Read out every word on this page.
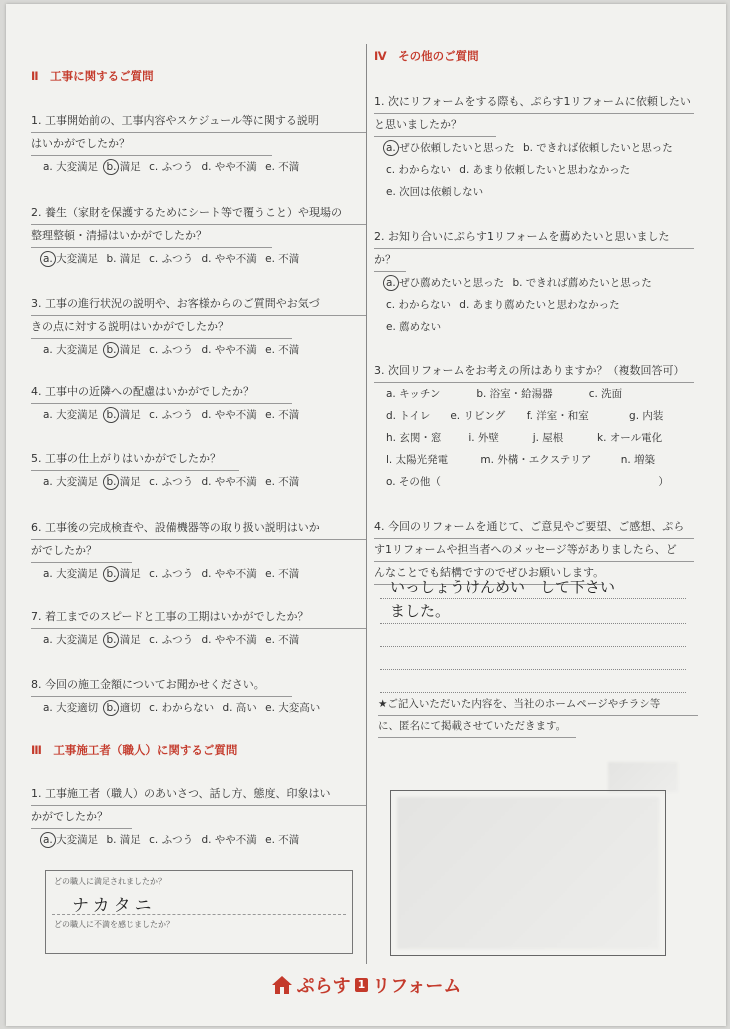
Ⅱ　工事に関するご質問
1. 工事開始前の、工事内容やスケジュール等に関する説明
はいかがでしたか？
a. 大変満足 b. 満足 c. ふつう d. やや不満 e. 不満
2. 養生（家財を保護するためにシート等で覆うこと）や現場の
整理整頓・清掃はいかがでしたか？
a. 大変満足 b. 満足 c. ふつう d. やや不満 e. 不満
3. 工事の進行状況の説明や、お客様からのご質問やお気づ
きの点に対する説明はいかがでしたか？
a. 大変満足 b. 満足 c. ふつう d. やや不満 e. 不満
4. 工事中の近隣への配慮はいかがでしたか？
a. 大変満足 b. 満足 c. ふつう d. やや不満 e. 不満
5. 工事の仕上がりはいかがでしたか？
a. 大変満足 b. 満足 c. ふつう d. やや不満 e. 不満
6. 工事後の完成検査や、設備機器等の取り扱い説明はいか
がでしたか？
a. 大変満足 b. 満足 c. ふつう d. やや不満 e. 不満
7. 着工までのスピードと工事の工期はいかがでしたか？
a. 大変満足 b. 満足 c. ふつう d. やや不満 e. 不満
8. 今回の施工金額についてお聞かせください。
a. 大変適切 b. 適切 c. わからない d. 高い e. 大変高い
Ⅲ　工事施工者（職人）に関するご質問
1. 工事施工者（職人）のあいさつ、話し方、態度、印象はい
かがでしたか？
a. 大変満足 b. 満足 c. ふつう d. やや不満 e. 不満
どの職人に満足されましたか？
ナカタニ
どの職人に不満を感じましたか？
Ⅳ　その他のご質問
1. 次にリフォームをする際も、ぷらす1リフォームに依頼したい
と思いましたか？
a. ぜひ依頼したいと思った b. できれば依頼したいと思った
c. わからない d. あまり依頼したいと思わなかった
e. 次回は依頼しない
2. お知り合いにぷらす1リフォームを薦めたいと思いました
か？
a. ぜひ薦めたいと思った b. できれば薦めたいと思った
c. わからない d. あまり薦めたいと思わなかった
e. 薦めない
3. 次回リフォームをお考えの所はありますか？（複数回答可）
a. キッチン	b. 浴室・給湯器	c. 洗面
d. トイレ e. リビング f. 洋室・和室	g. 内装
h. 玄関・窓	i. 外壁	j. 屋根	k. オール電化
l. 太陽光発電	m. 外構・エクステリア	n. 増築
o. その他（	）
4. 今回のリフォームを通じて、ご意見やご要望、ご感想、ぷら
す1リフォームや担当者へのメッセージ等がありましたら、ど
んなことでも結構ですのでぜひお願いします。
いっしょうけんめい　して下さい
ました。
★ご記入いただいた内容を、当社のホームページやチラシ等
に、匿名にて掲載させていただきます。
ぷらす 1 リフォーム
